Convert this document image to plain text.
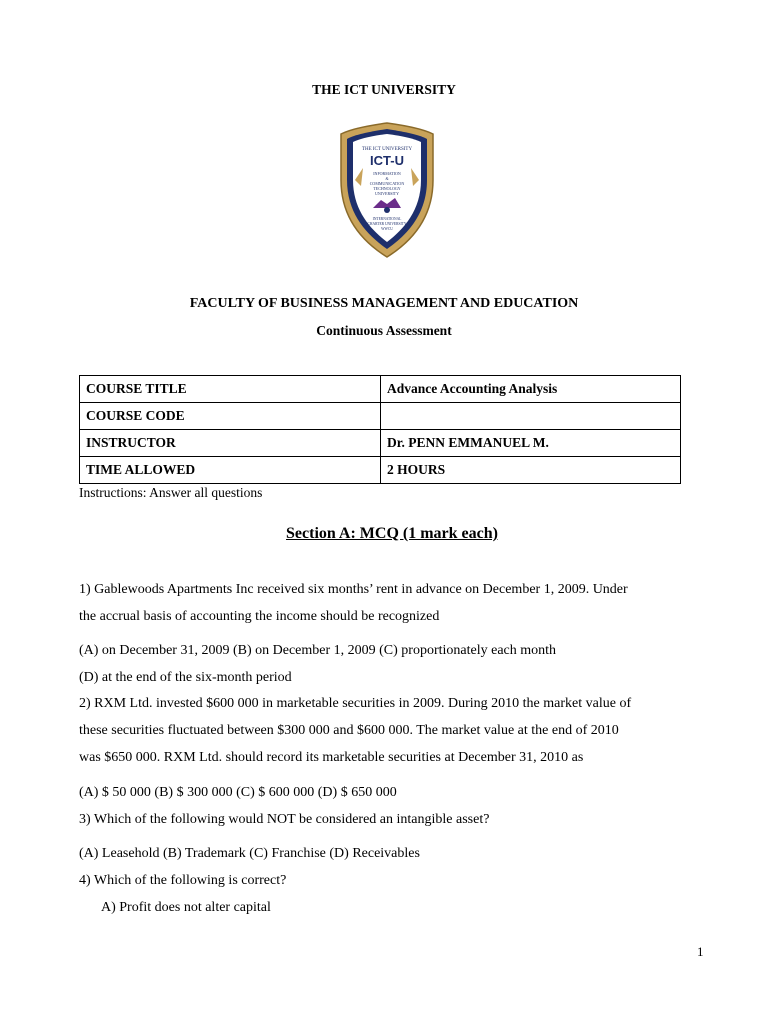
THE ICT UNIVERSITY
THE ICT UNIVERSITY
ICT-U
INFORMATION
&
COMMUNICATION
TECHNOLOGY
UNIVERSITY
INTERNATIONAL
CHARTER UNIVERSITY
WWCU
FACULTY OF BUSINESS MANAGEMENT AND EDUCATION
Continuous Assessment
COURSE TITLE	Advance Accounting Analysis
COURSE CODE	
INSTRUCTOR	Dr. PENN EMMANUEL M.
TIME ALLOWED	2 HOURS
Instructions: Answer all questions
Section A: MCQ (1 mark each)
1) Gablewoods Apartments Inc received six months’ rent in advance on December 1, 2009. Under
the accrual basis of accounting the income should be recognized
(A) on December 31, 2009 (B) on December 1, 2009 (C) proportionately each month
(D) at the end of the six-month period
2) RXM Ltd. invested $600 000 in marketable securities in 2009. During 2010 the market value of
these securities fluctuated between $300 000 and $600 000. The market value at the end of 2010
was $650 000. RXM Ltd. should record its marketable securities at December 31, 2010 as
(A) $ 50 000 (B) $ 300 000 (C) $ 600 000 (D) $ 650 000
3) Which of the following would NOT be considered an intangible asset?
(A) Leasehold (B) Trademark (C) Franchise (D) Receivables
4) Which of the following is correct?
A) Profit does not alter capital
1
